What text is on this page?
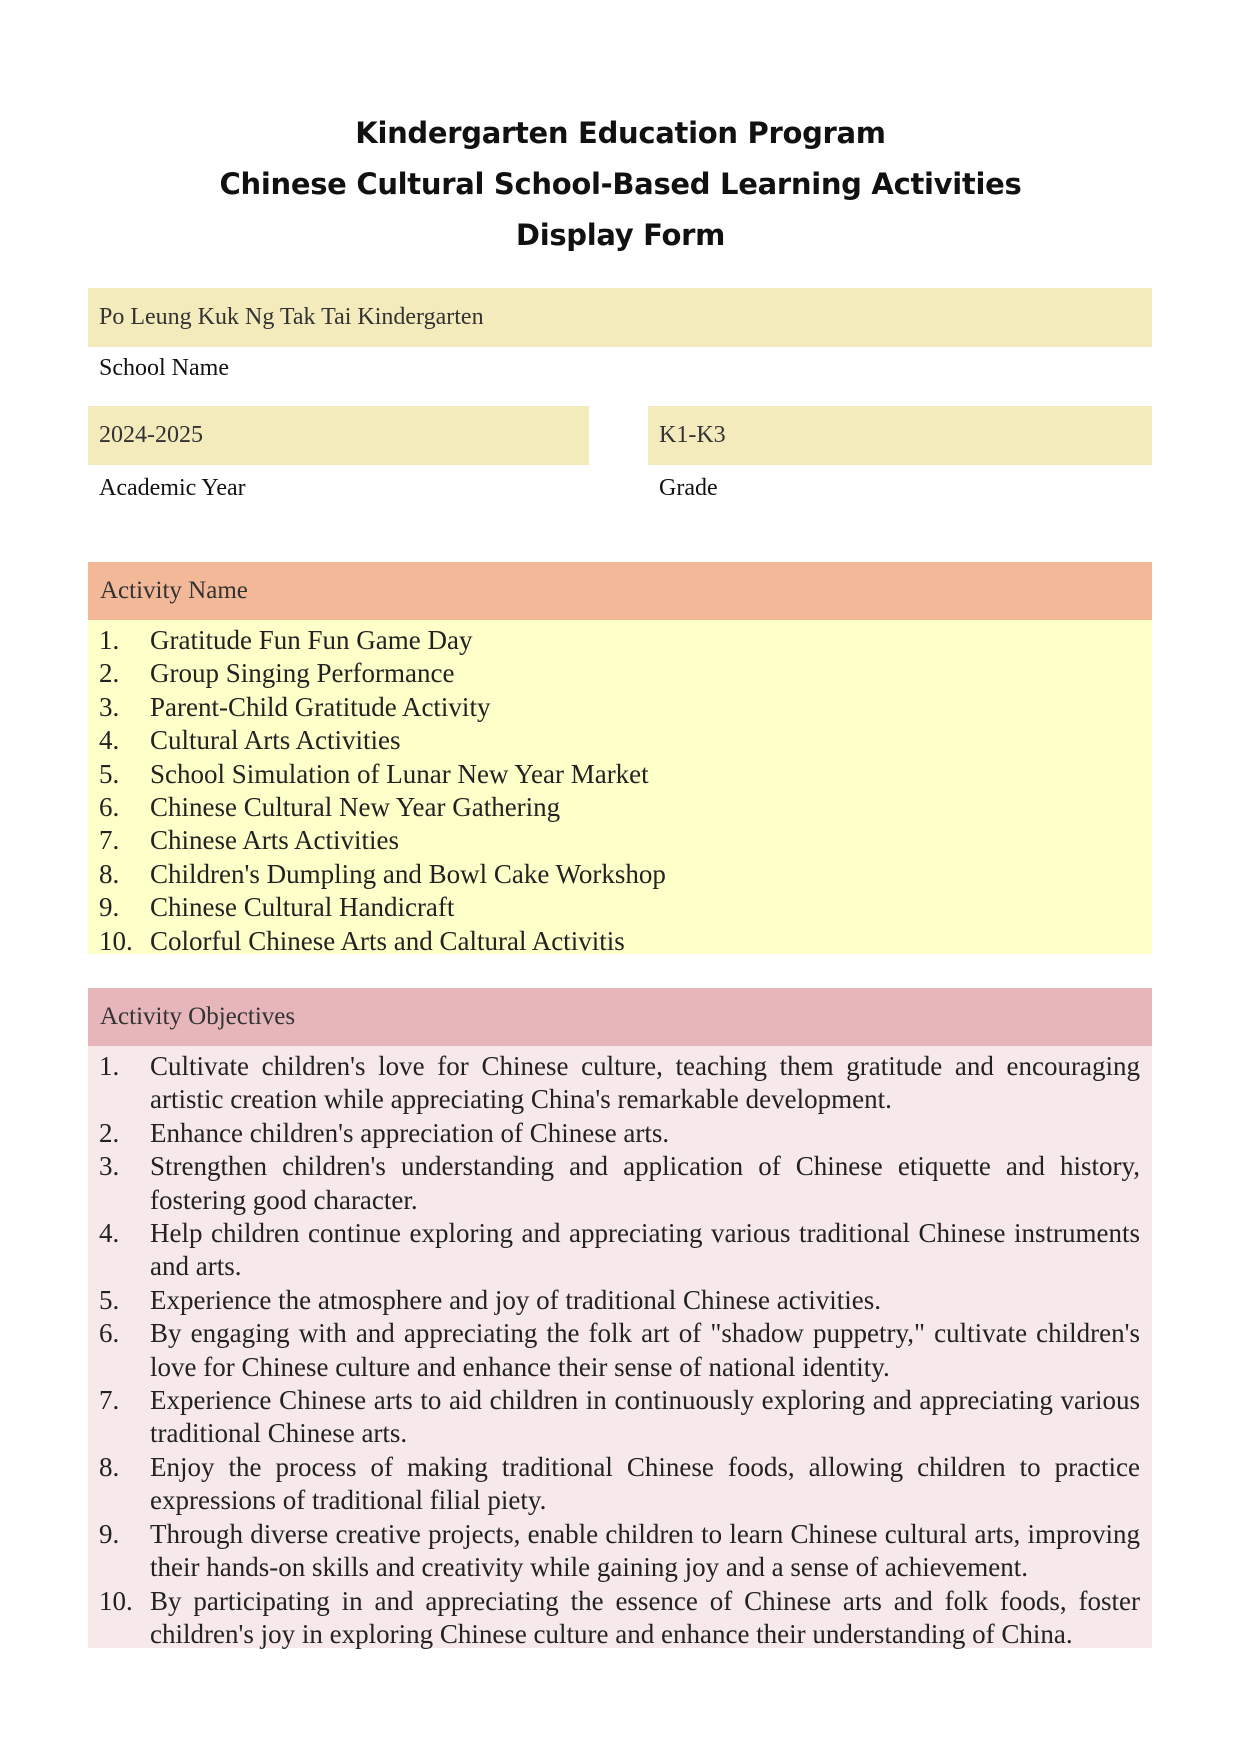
Kindergarten Education Program
Chinese Cultural School-Based Learning Activities
Display Form
Po Leung Kuk Ng Tak Tai Kindergarten
School Name
2024-2025
Academic Year
K1-K3
Grade
Activity Name
1. Gratitude Fun Fun Game Day
2. Group Singing Performance
3. Parent-Child Gratitude Activity
4. Cultural Arts Activities
5. School Simulation of Lunar New Year Market
6. Chinese Cultural New Year Gathering
7. Chinese Arts Activities
8. Children's Dumpling and Bowl Cake Workshop
9. Chinese Cultural Handicraft
10. Colorful Chinese Arts and Caltural Activitis
Activity Objectives
1. Cultivate children's love for Chinese culture, teaching them gratitude and encouraging artistic creation while appreciating China's remarkable development.
2. Enhance children's appreciation of Chinese arts.
3. Strengthen children's understanding and application of Chinese etiquette and history, fostering good character.
4. Help children continue exploring and appreciating various traditional Chinese instruments and arts.
5. Experience the atmosphere and joy of traditional Chinese activities.
6. By engaging with and appreciating the folk art of "shadow puppetry," cultivate children's love for Chinese culture and enhance their sense of national identity.
7. Experience Chinese arts to aid children in continuously exploring and appreciating various traditional Chinese arts.
8. Enjoy the process of making traditional Chinese foods, allowing children to practice expressions of traditional filial piety.
9. Through diverse creative projects, enable children to learn Chinese cultural arts, improving their hands-on skills and creativity while gaining joy and a sense of achievement.
10. By participating in and appreciating the essence of Chinese arts and folk foods, foster children's joy in exploring Chinese culture and enhance their understanding of China.
